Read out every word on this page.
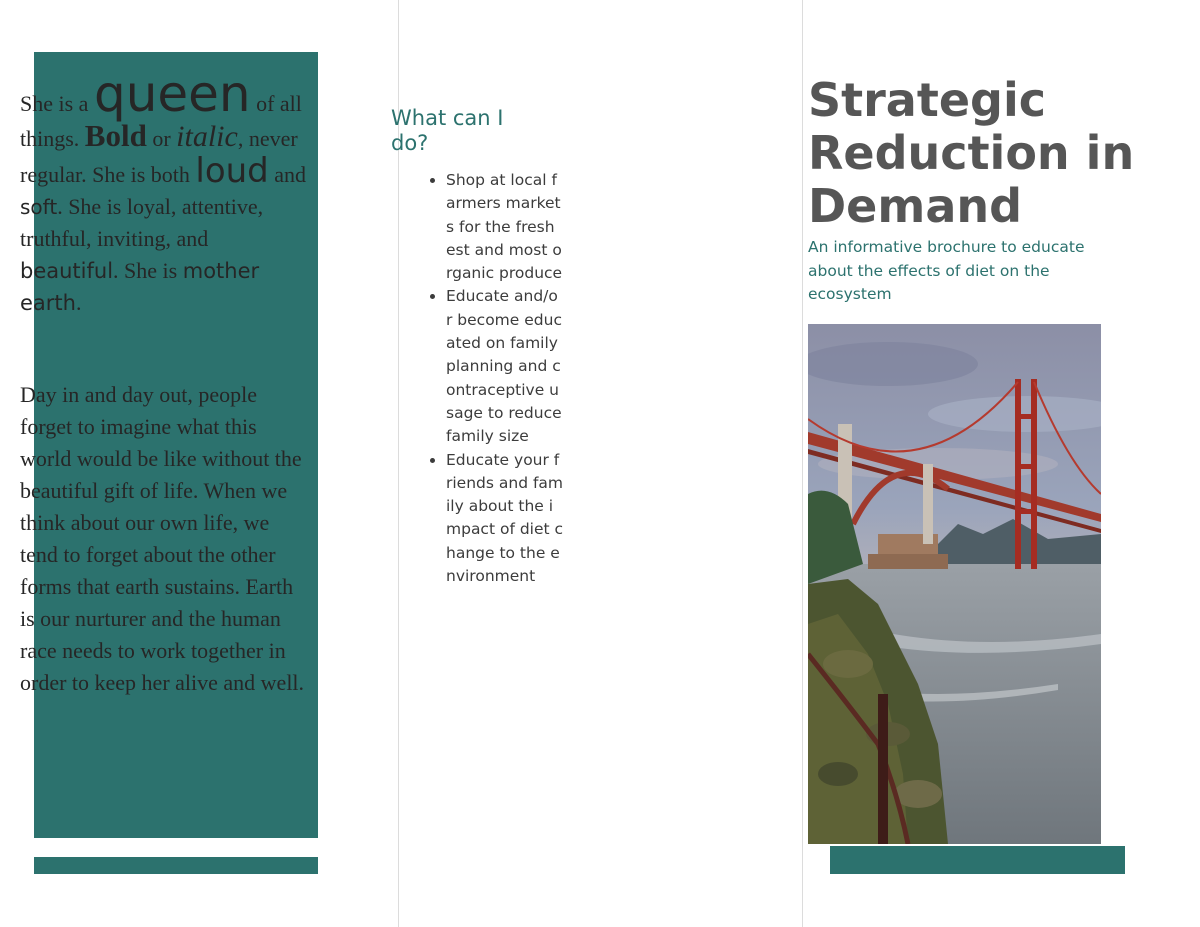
She is a queen of all things. Bold or italic, never regular. She is both loud and soft. She is loyal, attentive, truthful, inviting, and beautiful. She is mother earth.

Day in and day out, people forget to imagine what this world would be like without the beautiful gift of life. When we think about our own life, we tend to forget about the other forms that earth sustains. Earth is our nurturer and the human race needs to work together in order to keep her alive and well.

What can I do?
• Shop at local farmers markets for the freshest and most organic produce
• Educate and/or become educated on family planning and contraceptive usage to reduce family size
• Educate your friends and family about the impact of diet change to the environment
Strategic Reduction in Demand

An informative brochure to educate about the effects of diet on the ecosystem
